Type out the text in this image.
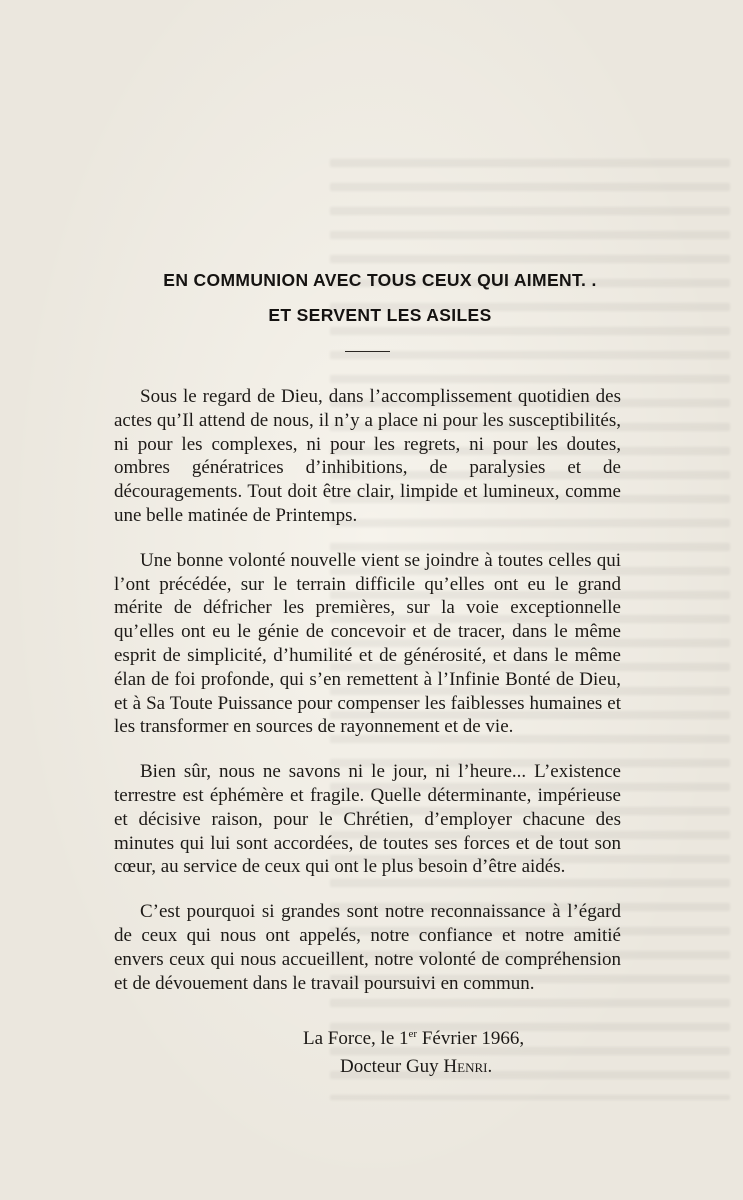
EN COMMUNION AVEC TOUS CEUX QUI AIMENT. .
ET SERVENT LES ASILES

Sous le regard de Dieu, dans l’accomplissement quotidien des actes qu’Il attend de nous, il n’y a place ni pour les susceptibilités, ni pour les complexes, ni pour les regrets, ni pour les doutes, ombres génératrices d’inhibitions, de paralysies et de découragements. Tout doit être clair, limpide et lumineux, comme une belle matinée de Printemps.

Une bonne volonté nouvelle vient se joindre à toutes celles qui l’ont précédée, sur le terrain difficile qu’elles ont eu le grand mérite de défricher les premières, sur la voie exceptionnelle qu’elles ont eu le génie de concevoir et de tracer, dans le même esprit de simplicité, d’humilité et de générosité, et dans le même élan de foi profonde, qui s’en remettent à l’Infinie Bonté de Dieu, et à Sa Toute Puissance pour compenser les faiblesses humaines et les transformer en sources de rayonnement et de vie.

Bien sûr, nous ne savons ni le jour, ni l’heure... L’existence terrestre est éphémère et fragile. Quelle déterminante, impérieuse et décisive raison, pour le Chrétien, d’employer chacune des minutes qui lui sont accordées, de toutes ses forces et de tout son cœur, au service de ceux qui ont le plus besoin d’être aidés.

C’est pourquoi si grandes sont notre reconnaissance à l’égard de ceux qui nous ont appelés, notre confiance et notre amitié envers ceux qui nous accueillent, notre volonté de compréhension et de dévouement dans le travail poursuivi en commun.

La Force, le 1er Février 1966,
Docteur Guy Henri.
